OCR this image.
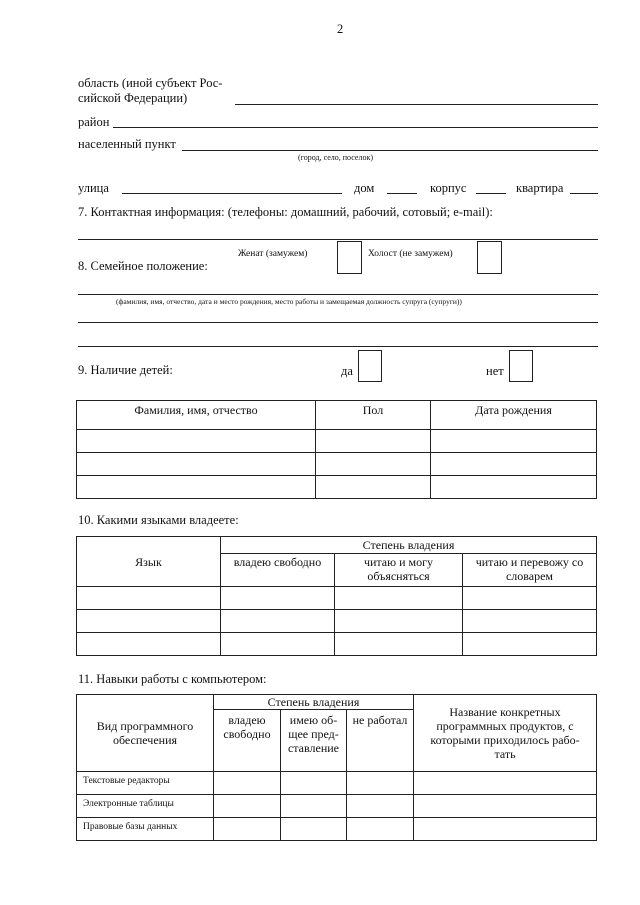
2
область (иной субъект Рос-
сийской Федерации)
район
населенный пункт
(город, село, поселок)
улица	дом	корпус	квартира
7. Контактная информация: (телефоны: домашний, рабочий, сотовый; e-mail):
8. Семейное положение:
Женат (замужем)	Холост (не замужем)
(фамилия, имя, отчество, дата и место рождения, место работы и замещаемая должность супруга (супруги))
9. Наличие детей:	да	нет
Фамилия, имя, отчество	Пол	Дата рождения

10. Какими языками владеете:
Язык	Степень владения		
	владею свободно	читаю и могу объясняться	читаю и перевожу со словарем

11. Навыки работы с компьютером:
Вид программного обеспечения	Степень владения			Название конкретных программных продуктов, с которыми приходилось рабо-тать
	владею свободно	имею об-щее пред-ставление	не работал	
Текстовые редакторы				
Электронные таблицы				
Правовые базы данных				
